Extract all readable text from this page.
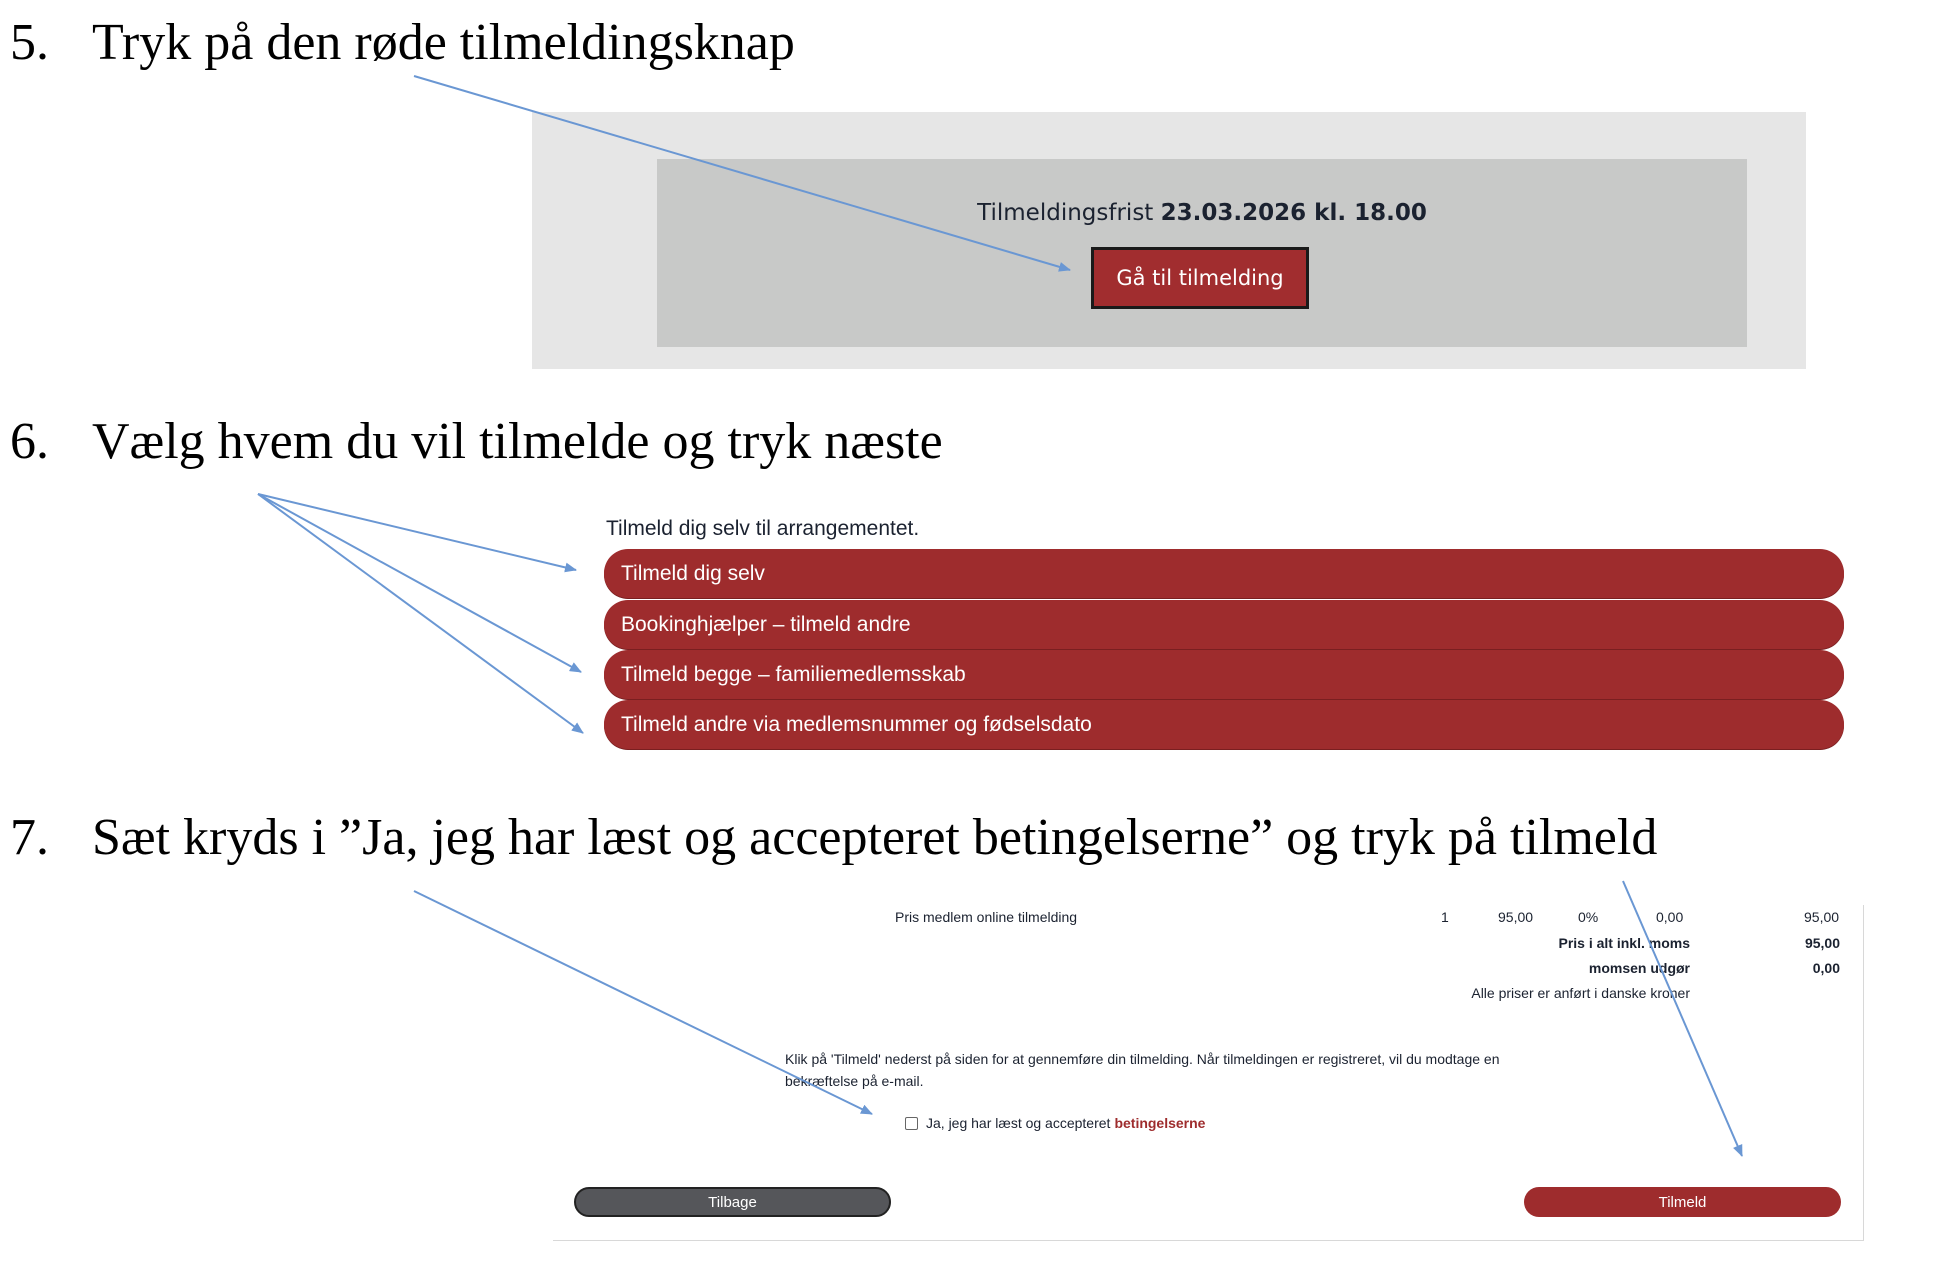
5. Tryk på den røde tilmeldingsknap
6. Vælg hvem du vil tilmelde og tryk næste
7. Sæt kryds i ”Ja, jeg har læst og accepteret betingelserne” og tryk på tilmeld
Tilmeldingsfrist 23.03.2026 kl. 18.00
Gå til tilmelding
Tilmeld dig selv til arrangementet.
Tilmeld dig selv
Bookinghjælper – tilmeld andre
Tilmeld begge – familiemedlemsskab
Tilmeld andre via medlemsnummer og fødselsdato
Pris medlem online tilmelding	1	95,00	0%	0,00	95,00
Pris i alt inkl. moms	95,00
momsen udgør	0,00
Alle priser er anført i danske kroner
Klik på 'Tilmeld' nederst på siden for at gennemføre din tilmelding. Når tilmeldingen er registreret, vil du modtage en bekræftelse på e-mail.
Ja, jeg har læst og accepteret betingelserne
Tilbage	Tilmeld
